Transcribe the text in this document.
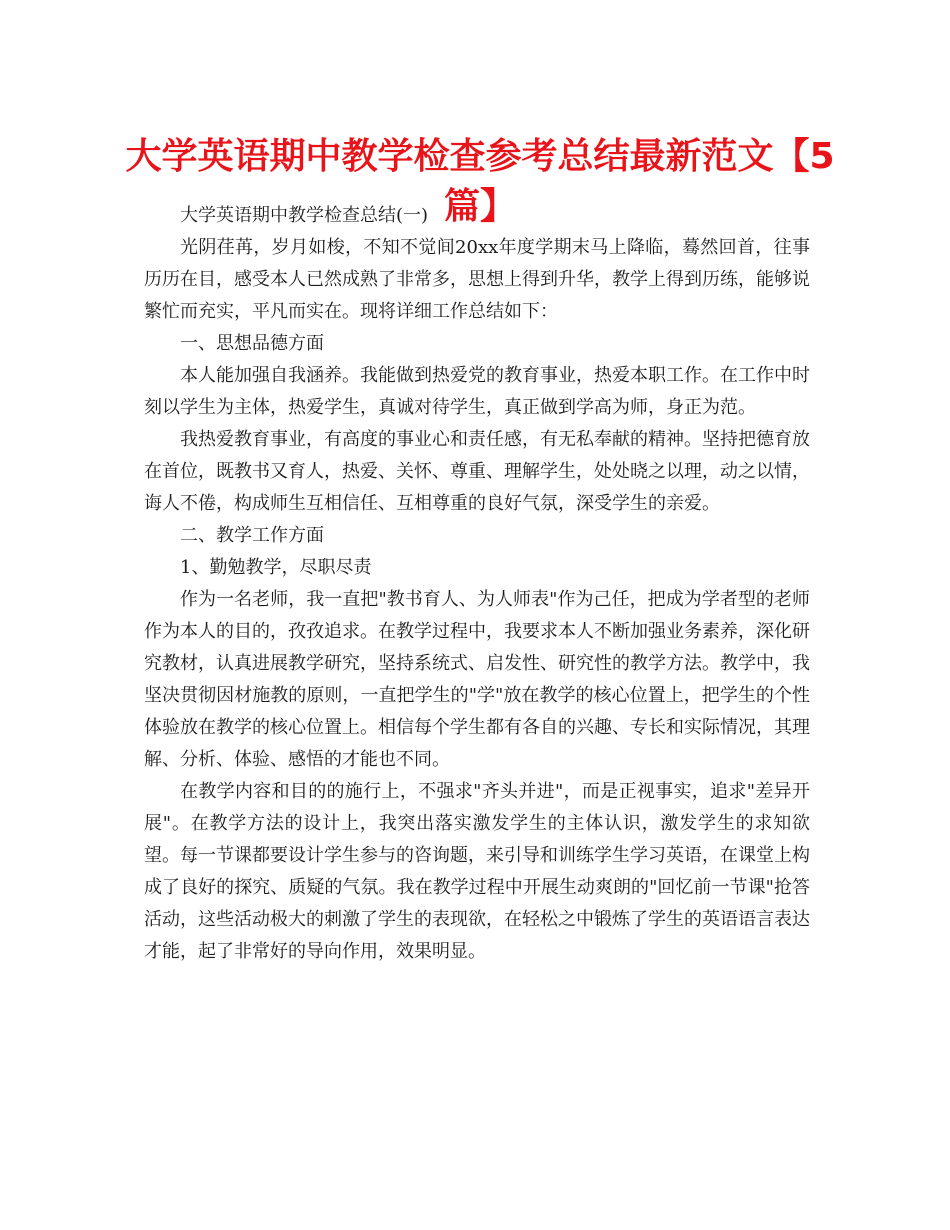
大学英语期中教学检查参考总结最新范文【5篇】

大学英语期中教学检查总结(一)

光阴荏苒，岁月如梭，不知不觉间20xx年度学期末马上降临，蓦然回首，往事历历在目，感受本人已然成熟了非常多，思想上得到升华，教学上得到历练，能够说繁忙而充实，平凡而实在。现将详细工作总结如下：

一、思想品德方面

本人能加强自我涵养。我能做到热爱党的教育事业，热爱本职工作。在工作中时刻以学生为主体，热爱学生，真诚对待学生，真正做到学高为师，身正为范。

我热爱教育事业，有高度的事业心和责任感，有无私奉献的精神。坚持把德育放在首位，既教书又育人，热爱、关怀、尊重、理解学生，处处晓之以理，动之以情，诲人不倦，构成师生互相信任、互相尊重的良好气氛，深受学生的亲爱。

二、教学工作方面

1、勤勉教学，尽职尽责

作为一名老师，我一直把"教书育人、为人师表"作为己任，把成为学者型的老师作为本人的目的，孜孜追求。在教学过程中，我要求本人不断加强业务素养，深化研究教材，认真进展教学研究，坚持系统式、启发性、研究性的教学方法。教学中，我坚决贯彻因材施教的原则，一直把学生的"学"放在教学的核心位置上，把学生的个性体验放在教学的核心位置上。相信每个学生都有各自的兴趣、专长和实际情况，其理解、分析、体验、感悟的才能也不同。

在教学内容和目的的施行上，不强求"齐头并进"，而是正视事实，追求"差异开展"。在教学方法的设计上，我突出落实激发学生的主体认识，激发学生的求知欲望。每一节课都要设计学生参与的咨询题，来引导和训练学生学习英语，在课堂上构成了良好的探究、质疑的气氛。我在教学过程中开展生动爽朗的"回忆前一节课"抢答活动，这些活动极大的刺激了学生的表现欲，在轻松之中锻炼了学生的英语语言表达才能，起了非常好的导向作用，效果明显。
